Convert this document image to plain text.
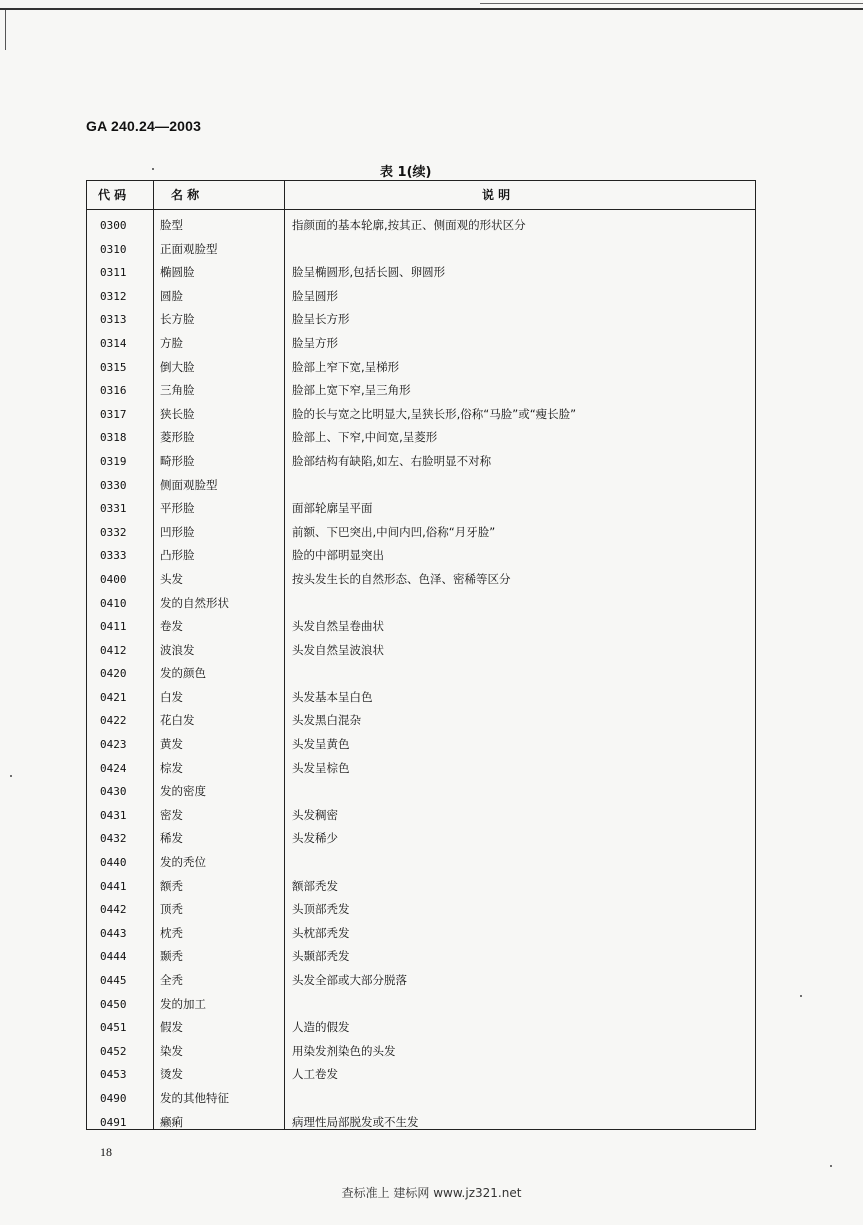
GA 240.24—2003
表 1(续)
代 码	名 称	说 明
0300	脸型	指颜面的基本轮廓,按其正、侧面观的形状区分
0310	正面观脸型
0311	椭圆脸	脸呈椭圆形,包括长圆、卵圆形
0312	圆脸	脸呈圆形
0313	长方脸	脸呈长方形
0314	方脸	脸呈方形
0315	倒大脸	脸部上窄下宽,呈梯形
0316	三角脸	脸部上宽下窄,呈三角形
0317	狭长脸	脸的长与宽之比明显大,呈狭长形,俗称“马脸”或“瘦长脸”
0318	菱形脸	脸部上、下窄,中间宽,呈菱形
0319	畸形脸	脸部结构有缺陷,如左、右脸明显不对称
0330	侧面观脸型
0331	平形脸	面部轮廓呈平面
0332	凹形脸	前额、下巴突出,中间内凹,俗称“月牙脸”
0333	凸形脸	脸的中部明显突出
0400	头发	按头发生长的自然形态、色泽、密稀等区分
0410	发的自然形状
0411	卷发	头发自然呈卷曲状
0412	波浪发	头发自然呈波浪状
0420	发的颜色
0421	白发	头发基本呈白色
0422	花白发	头发黑白混杂
0423	黄发	头发呈黄色
0424	棕发	头发呈棕色
0430	发的密度
0431	密发	头发稠密
0432	稀发	头发稀少
0440	发的秃位
0441	额秃	额部秃发
0442	顶秃	头顶部秃发
0443	枕秃	头枕部秃发
0444	颞秃	头颞部秃发
0445	全秃	头发全部或大部分脱落
0450	发的加工
0451	假发	人造的假发
0452	染发	用染发剂染色的头发
0453	烫发	人工卷发
0490	发的其他特征
0491	癞痢	病理性局部脱发或不生发
18
查标准上 建标网 www.jz321.net
